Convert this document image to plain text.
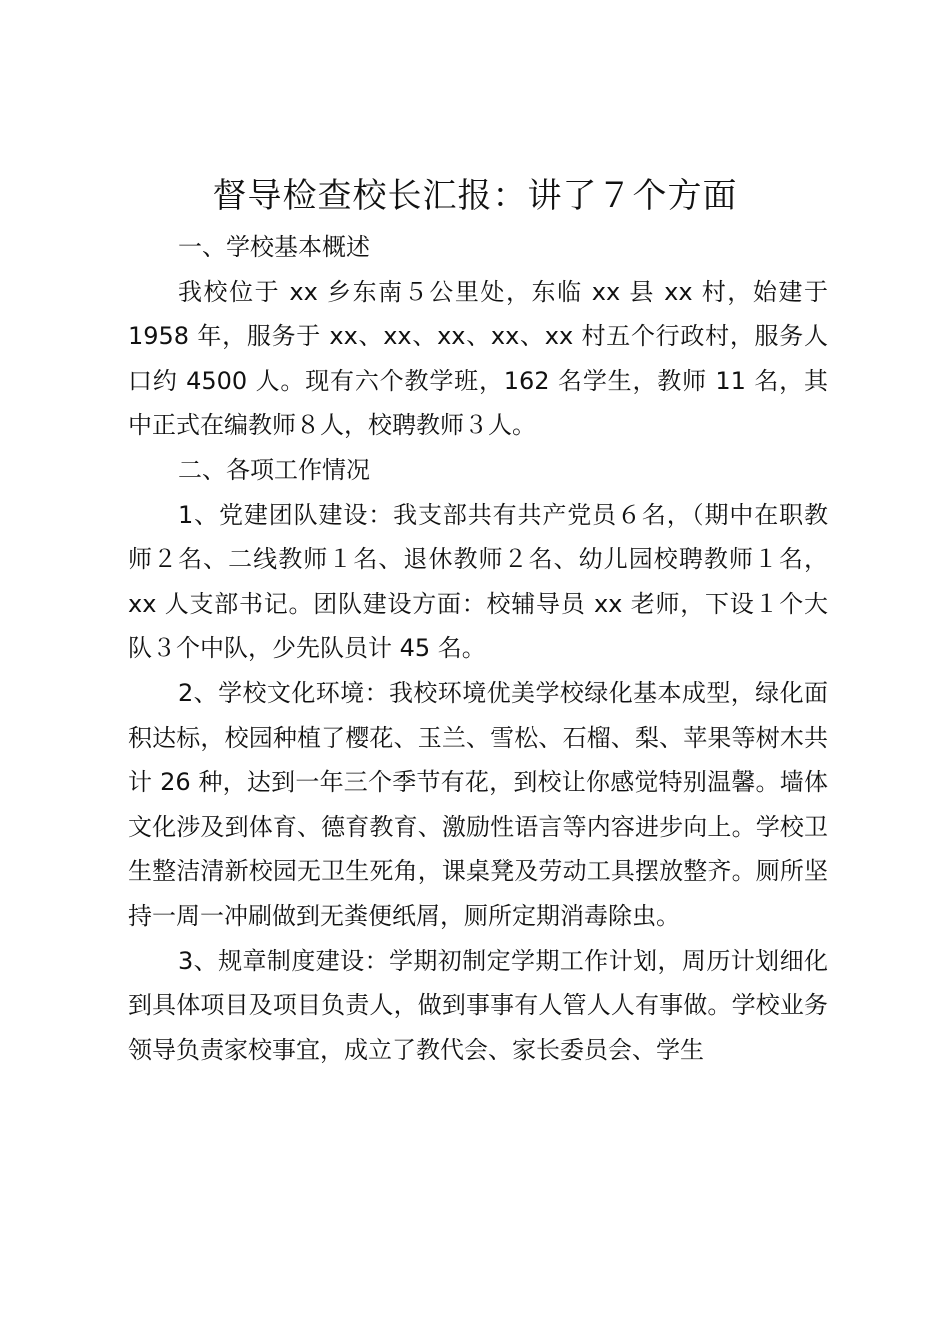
督导检查校长汇报：讲了７个方面

一、学校基本概述

我校位于 xx 乡东南５公里处，东临 xx 县 xx 村，始建于1958 年，服务于 xx、xx、xx、xx、xx 村五个行政村，服务人口约 4500 人。现有六个教学班，162 名学生，教师 11 名，其中正式在编教师８人，校聘教师３人。

二、各项工作情况

1、党建团队建设：我支部共有共产党员６名，（期中在职教师２名、二线教师１名、退休教师２名、幼儿园校聘教师１名，xx 人支部书记。团队建设方面：校辅导员 xx 老师，下设１个大队３个中队，少先队员计 45 名。

2、学校文化环境：我校环境优美学校绿化基本成型，绿化面积达标，校园种植了樱花、玉兰、雪松、石榴、梨、苹果等树木共计 26 种，达到一年三个季节有花，到校让你感觉特别温馨。墙体文化涉及到体育、德育教育、激励性语言等内容进步向上。学校卫生整洁清新校园无卫生死角，课桌凳及劳动工具摆放整齐。厕所坚持一周一冲刷做到无粪便纸屑，厕所定期消毒除虫。

3、规章制度建设：学期初制定学期工作计划，周历计划细化到具体项目及项目负责人，做到事事有人管人人有事做。学校业务领导负责家校事宜，成立了教代会、家长委员会、学生
